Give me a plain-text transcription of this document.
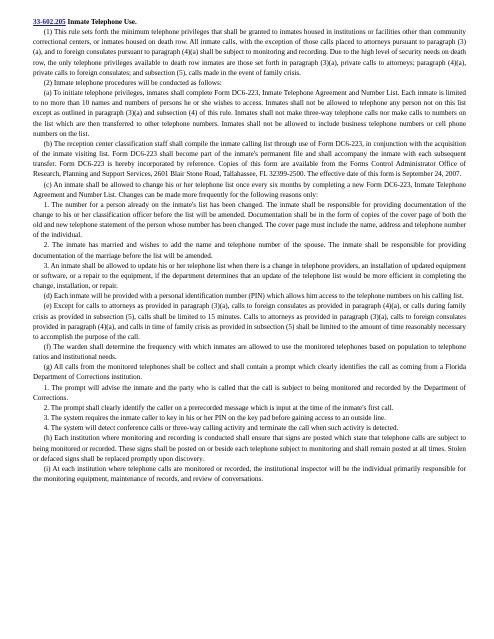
33-602.205 Inmate Telephone Use.

(1) This rule sets forth the minimum telephone privileges that shall be granted to inmates housed in institutions or facilities other than community correctional centers, or inmates housed on death row. All inmate calls, with the exception of those calls placed to attorneys pursuant to paragraph (3)(a), and to foreign consulates pursuant to paragraph (4)(a) shall be subject to monitoring and recording. Due to the high level of security needs on death row, the only telephone privileges available to death row inmates are those set forth in paragraph (3)(a), private calls to attorneys; paragraph (4)(a), private calls to foreign consulates; and subsection (5), calls made in the event of family crisis.

(2) Inmate telephone procedures will be conducted as follows:

(a) To initiate telephone privileges, inmates shall complete Form DC6-223, Inmate Telephone Agreement and Number List. Each inmate is limited to no more than 10 names and numbers of persons he or she wishes to access. Inmates shall not be allowed to telephone any person not on this list except as outlined in paragraph (3)(a) and subsection (4) of this rule. Inmates shall not make three-way telephone calls nor make calls to numbers on the list which are then transferred to other telephone numbers. Inmates shall not be allowed to include business telephone numbers or cell phone numbers on the list.

(b) The reception center classification staff shall compile the inmate calling list through use of Form DC6-223, in conjunction with the acquisition of the inmate visiting list. Form DC6-223 shall become part of the inmate's permanent file and shall accompany the inmate with each subsequent transfer. Form DC6-223 is hereby incorporated by reference. Copies of this form are available from the Forms Control Administrator Office of Research, Planning and Support Services, 2601 Blair Stone Road, Tallahassee, FL 32399-2500. The effective date of this form is September 24, 2007.

(c) An inmate shall be allowed to change his or her telephone list once every six months by completing a new Form DC6-223, Inmate Telephone Agreement and Number List. Changes can be made more frequently for the following reasons only:

1. The number for a person already on the inmate's list has been changed. The inmate shall be responsible for providing documentation of the change to his or her classification officer before the list will be amended. Documentation shall be in the form of copies of the cover page of both the old and new telephone statement of the person whose number has been changed. The cover page must include the name, address and telephone number of the individual.

2. The inmate has married and wishes to add the name and telephone number of the spouse. The inmate shall be responsible for providing documentation of the marriage before the list will be amended.

3. An inmate shall be allowed to update his or her telephone list when there is a change in telephone providers, an installation of updated equipment or software, or a repair to the equipment, if the department determines that an update of the telephone list would be more efficient in completing the change, installation, or repair.

(d) Each inmate will be provided with a personal identification number (PIN) which allows him access to the telephone numbers on his calling list.

(e) Except for calls to attorneys as provided in paragraph (3)(a), calls to foreign consulates as provided in paragraph (4)(a), or calls during family crisis as provided in subsection (5), calls shall be limited to 15 minutes. Calls to attorneys as provided in paragraph (3)(a), calls to foreign consulates provided in paragraph (4)(a), and calls in time of family crisis as provided in subsection (5) shall be limited to the amount of time reasonably necessary to accomplish the purpose of the call.

(f) The warden shall determine the frequency with which inmates are allowed to use the monitored telephones based on population to telephone ratios and institutional needs.

(g) All calls from the monitored telephones shall be collect and shall contain a prompt which clearly identifies the call as coming from a Florida Department of Corrections institution.

1. The prompt will advise the inmate and the party who is called that the call is subject to being monitored and recorded by the Department of Corrections.

2. The prompt shall clearly identify the caller on a prerecorded message which is input at the time of the inmate's first call.

3. The system requires the inmate caller to key in his or her PIN on the key pad before gaining access to an outside line.

4. The system will detect conference calls or three-way calling activity and terminate the call when such activity is detected.

(h) Each institution where monitoring and recording is conducted shall ensure that signs are posted which state that telephone calls are subject to being monitored or recorded. These signs shall be posted on or beside each telephone subject to monitoring and shall remain posted at all times. Stolen or defaced signs shall be replaced promptly upon discovery.

(i) At each institution where telephone calls are monitored or recorded, the institutional inspector will be the individual primarily responsible for the monitoring equipment, maintenance of records, and review of conversations.
